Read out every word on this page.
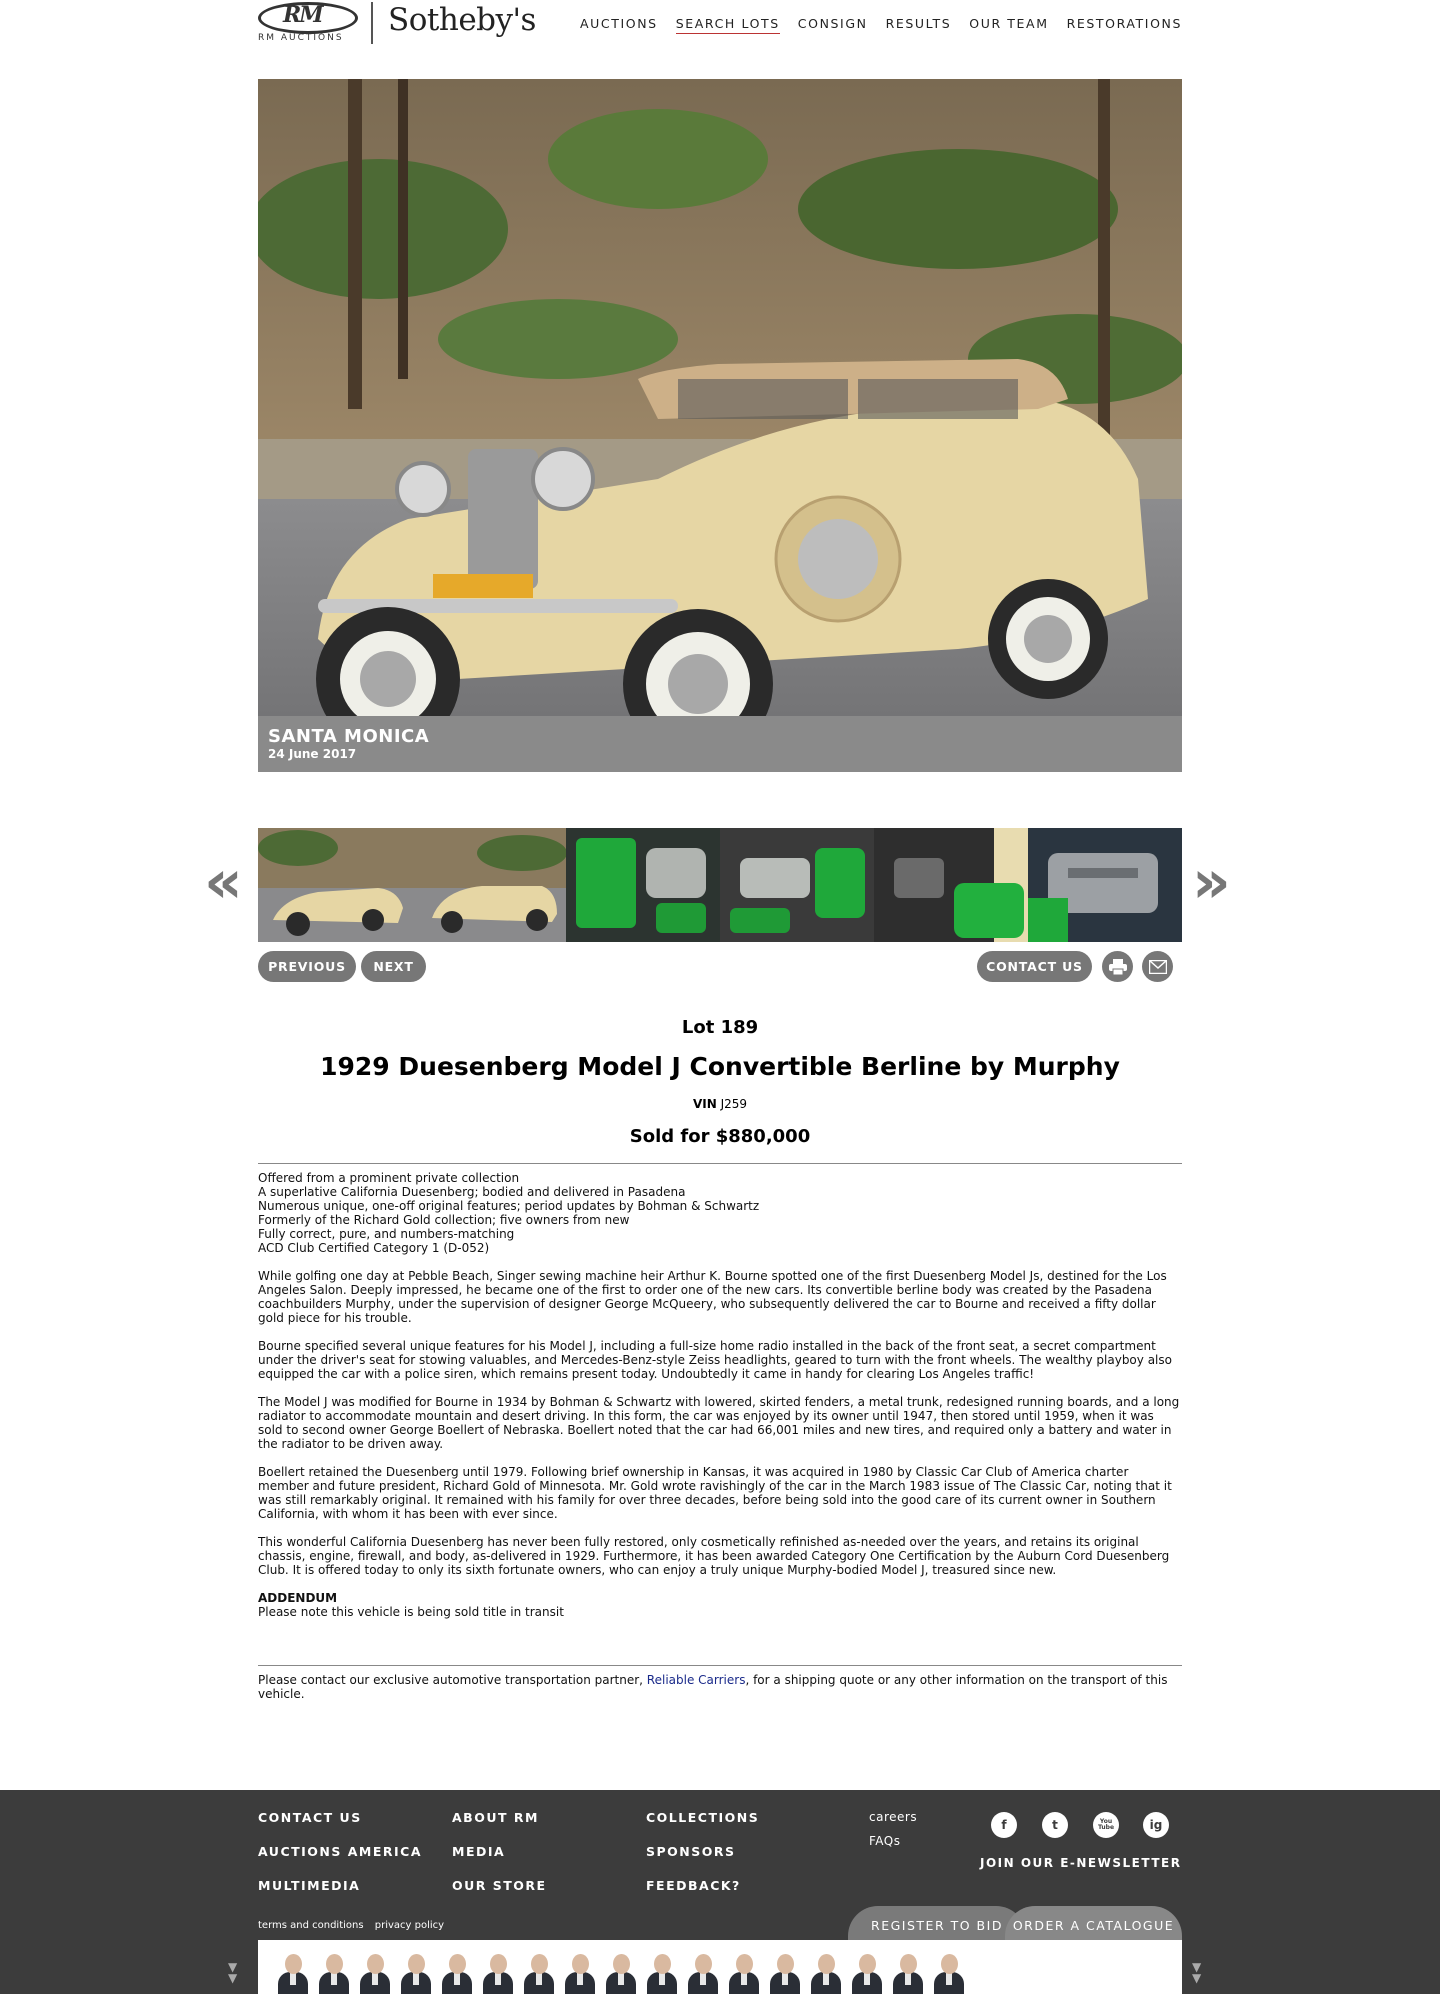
RM
RM AUCTIONS Sotheby's	AUCTIONS SEARCH LOTS CONSIGN RESULTS OUR TEAM RESTORATIONS
SANTA MONICA
24 June 2017
«	»
PREVIOUS	NEXT	CONTACT US
Lot 189
1929 Duesenberg Model J Convertible Berline by Murphy
VIN J259
Sold for $880,000
Offered from a prominent private collection
A superlative California Duesenberg; bodied and delivered in Pasadena
Numerous unique, one-off original features; period updates by Bohman & Schwartz
Formerly of the Richard Gold collection; five owners from new
Fully correct, pure, and numbers-matching
ACD Club Certified Category 1 (D-052)

While golfing one day at Pebble Beach, Singer sewing machine heir Arthur K. Bourne spotted one of the first Duesenberg Model Js, destined for the Los Angeles Salon. Deeply impressed, he became one of the first to order one of the new cars. Its convertible berline body was created by the Pasadena coachbuilders Murphy, under the supervision of designer George McQueery, who subsequently delivered the car to Bourne and received a fifty dollar gold piece for his trouble.

Bourne specified several unique features for his Model J, including a full-size home radio installed in the back of the front seat, a secret compartment under the driver's seat for stowing valuables, and Mercedes-Benz-style Zeiss headlights, geared to turn with the front wheels. The wealthy playboy also equipped the car with a police siren, which remains present today. Undoubtedly it came in handy for clearing Los Angeles traffic!

The Model J was modified for Bourne in 1934 by Bohman & Schwartz with lowered, skirted fenders, a metal trunk, redesigned running boards, and a long radiator to accommodate mountain and desert driving. In this form, the car was enjoyed by its owner until 1947, then stored until 1959, when it was sold to second owner George Boellert of Nebraska. Boellert noted that the car had 66,001 miles and new tires, and required only a battery and water in the radiator to be driven away.

Boellert retained the Duesenberg until 1979. Following brief ownership in Kansas, it was acquired in 1980 by Classic Car Club of America charter member and future president, Richard Gold of Minnesota. Mr. Gold wrote ravishingly of the car in the March 1983 issue of The Classic Car, noting that it was still remarkably original. It remained with his family for over three decades, before being sold into the good care of its current owner in Southern California, with whom it has been with ever since.

This wonderful California Duesenberg has never been fully restored, only cosmetically refinished as-needed over the years, and retains its original chassis, engine, firewall, and body, as-delivered in 1929. Furthermore, it has been awarded Category One Certification by the Auburn Cord Duesenberg Club. It is offered today to only its sixth fortunate owners, who can enjoy a truly unique Murphy-bodied Model J, treasured since new.

ADDENDUM
Please note this vehicle is being sold title in transit
Please contact our exclusive automotive transportation partner, Reliable Carriers, for a shipping quote or any other information on the transport of this vehicle.
CONTACT US
AUCTIONS AMERICA
MULTIMEDIA
ABOUT RM
MEDIA
OUR STORE
COLLECTIONS
SPONSORS
FEEDBACK?
careers
FAQs
f	t	You Tube	ig
JOIN OUR E-NEWSLETTER
terms and conditions privacy policy	REGISTER TO BID ORDER A CATALOGUE
▼
▼
▼
▼
